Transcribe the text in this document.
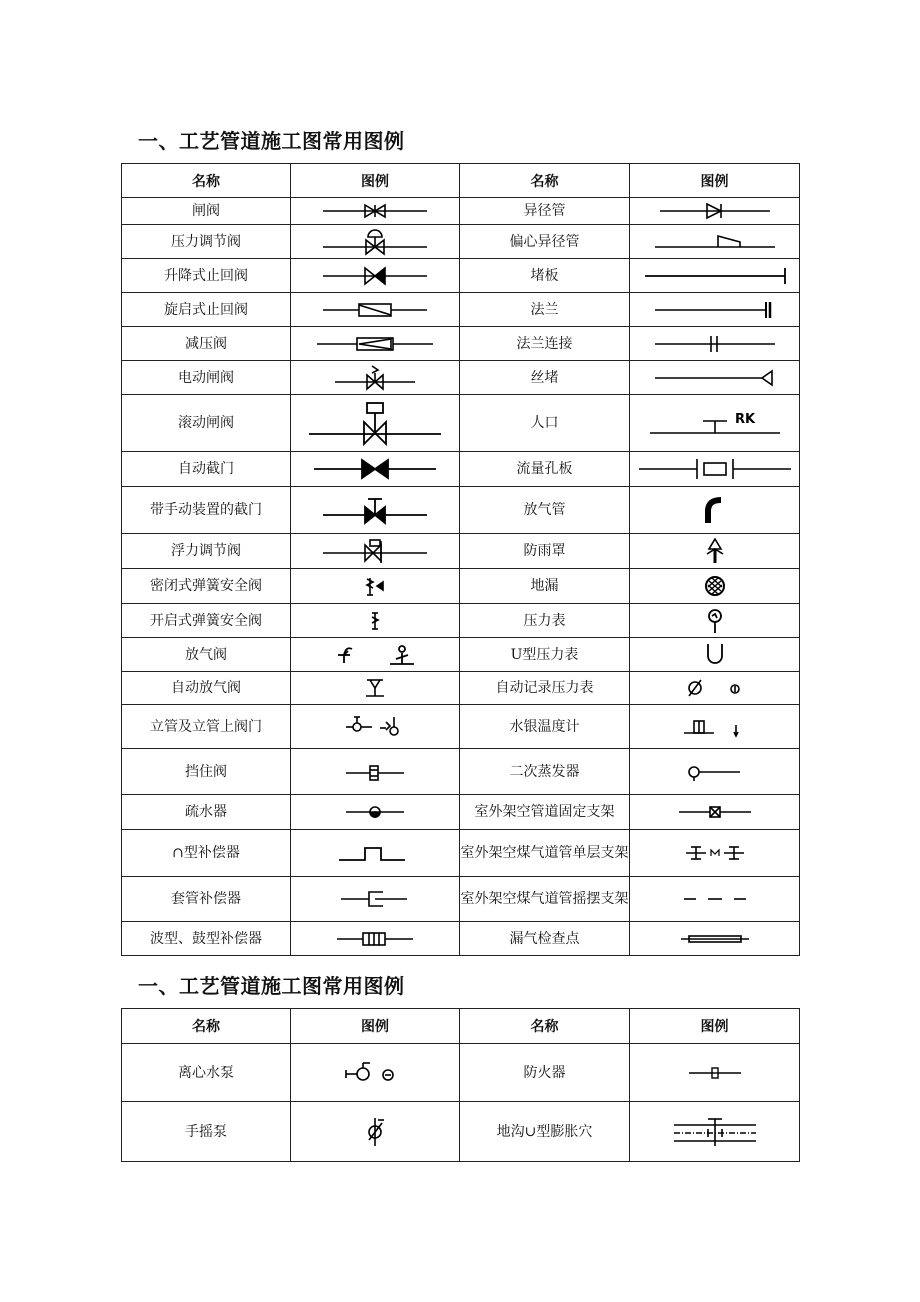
一、工艺管道施工图常用图例
名称	图例	名称	图例
闸阀		异径管	

压力调节阀		偏心异径管	

升降式止回阀		堵板	

旋启式止回阀		法兰	

减压阀		法兰连接	

电动闸阀		丝堵	

滚动闸阀		人口	RK

自动截门		流量孔板	

带手动装置的截门		放气管	

浮力调节阀		防雨罩	

密闭式弹簧安全阀		地漏	

开启式弹簧安全阀		压力表	

放气阀		U型压力表	

自动放气阀		自动记录压力表	

立管及立管上阀门		水银温度计	

挡住阀		二次蒸发器	

疏水器		室外架空管道固定支架	

∩型补偿器		室外架空煤气道管单层支架	

套管补偿器		室外架空煤气道管摇摆支架	

波型、鼓型补偿器		漏气检查点	
一、工艺管道施工图常用图例
名称	图例	名称	图例
离心水泵		防火器	

手摇泵		地沟∪型膨胀穴	
